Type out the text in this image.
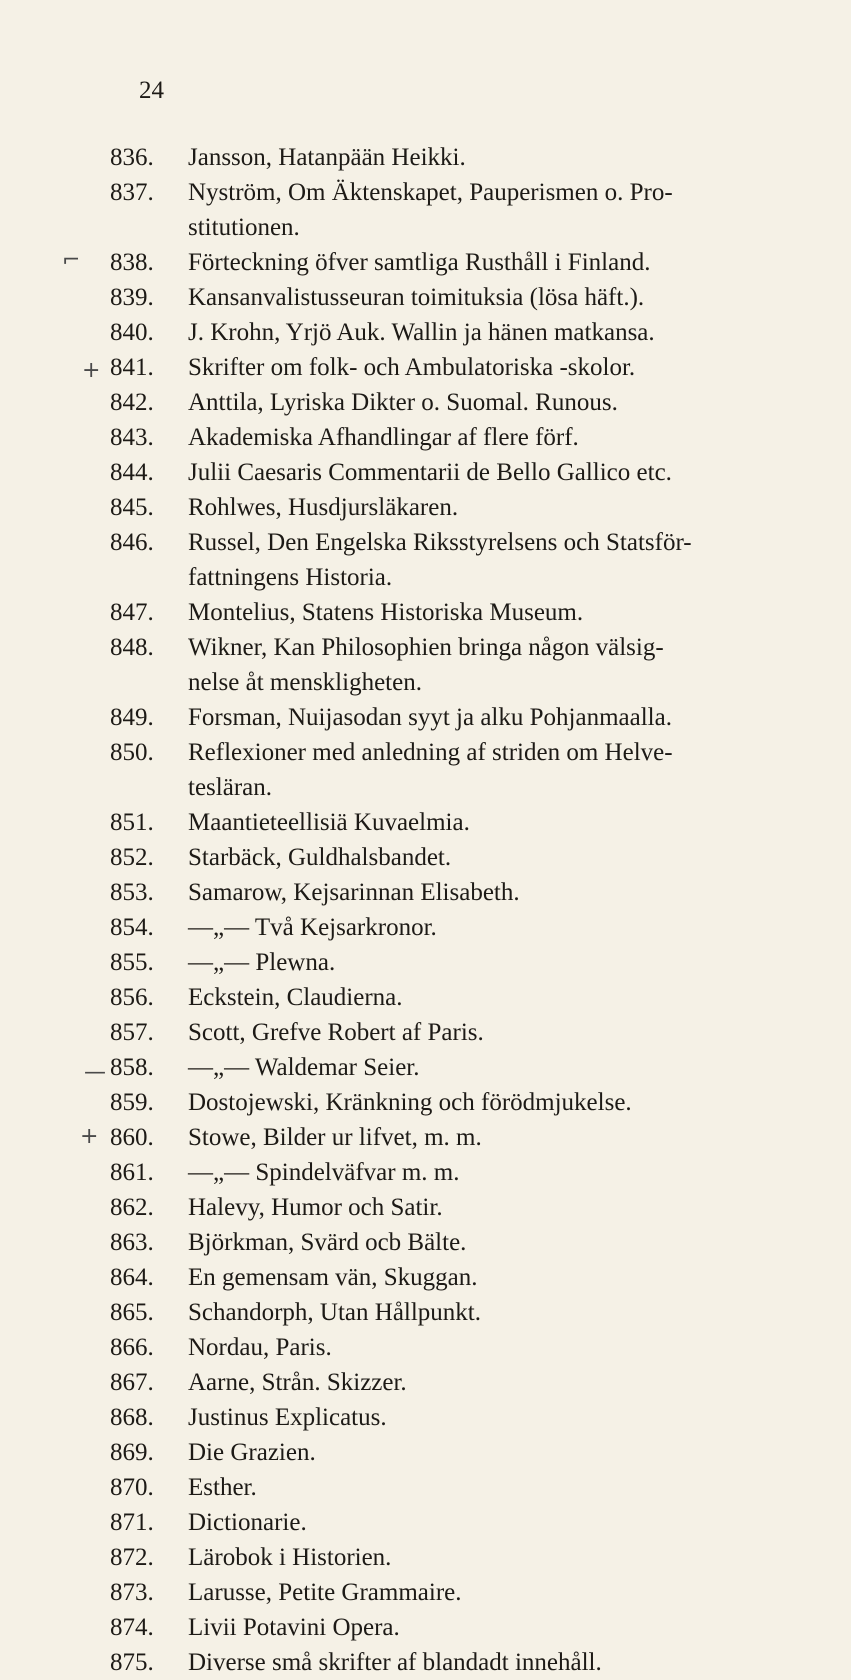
24
⌐
+
—
+
836.	Jansson, Hatanpään Heikki.
837.	Nyström, Om Äktenskapet, Pauperismen o. Pro-
stitutionen.
838.	Förteckning öfver samtliga Rusthåll i Finland.
839.	Kansanvalistusseuran toimituksia (lösa häft.).
840.	J. Krohn, Yrjö Auk. Wallin ja hänen matkansa.
841.	Skrifter om folk- och Ambulatoriska -skolor.
842.	Anttila, Lyriska Dikter o. Suomal. Runous.
843.	Akademiska Afhandlingar af flere förf.
844.	Julii Caesaris Commentarii de Bello Gallico etc.
845.	Rohlwes, Husdjursläkaren.
846.	Russel, Den Engelska Riksstyrelsens och Statsför-
fattningens Historia.
847.	Montelius, Statens Historiska Museum.
848.	Wikner, Kan Philosophien bringa någon välsig-
nelse åt menskligheten.
849.	Forsman, Nuijasodan syyt ja alku Pohjanmaalla.
850.	Reflexioner med anledning af striden om Helve-
tesläran.
851.	Maantieteellisiä Kuvaelmia.
852.	Starbäck, Guldhalsbandet.
853.	Samarow, Kejsarinnan Elisabeth.
854.	—„— Två Kejsarkronor.
855.	—„— Plewna.
856.	Eckstein, Claudierna.
857.	Scott, Grefve Robert af Paris.
858.	—„— Waldemar Seier.
859.	Dostojewski, Kränkning och förödmjukelse.
860.	Stowe, Bilder ur lifvet, m. m.
861.	—„— Spindelväfvar m. m.
862.	Halevy, Humor och Satir.
863.	Björkman, Svärd ocb Bälte.
864.	En gemensam vän, Skuggan.
865.	Schandorph, Utan Hållpunkt.
866.	Nordau, Paris.
867.	Aarne, Strån. Skizzer.
868.	Justinus Explicatus.
869.	Die Grazien.
870.	Esther.
871.	Dictionarie.
872.	Lärobok i Historien.
873.	Larusse, Petite Grammaire.
874.	Livii Potavini Opera.
875.	Diverse små skrifter af blandadt innehåll.
